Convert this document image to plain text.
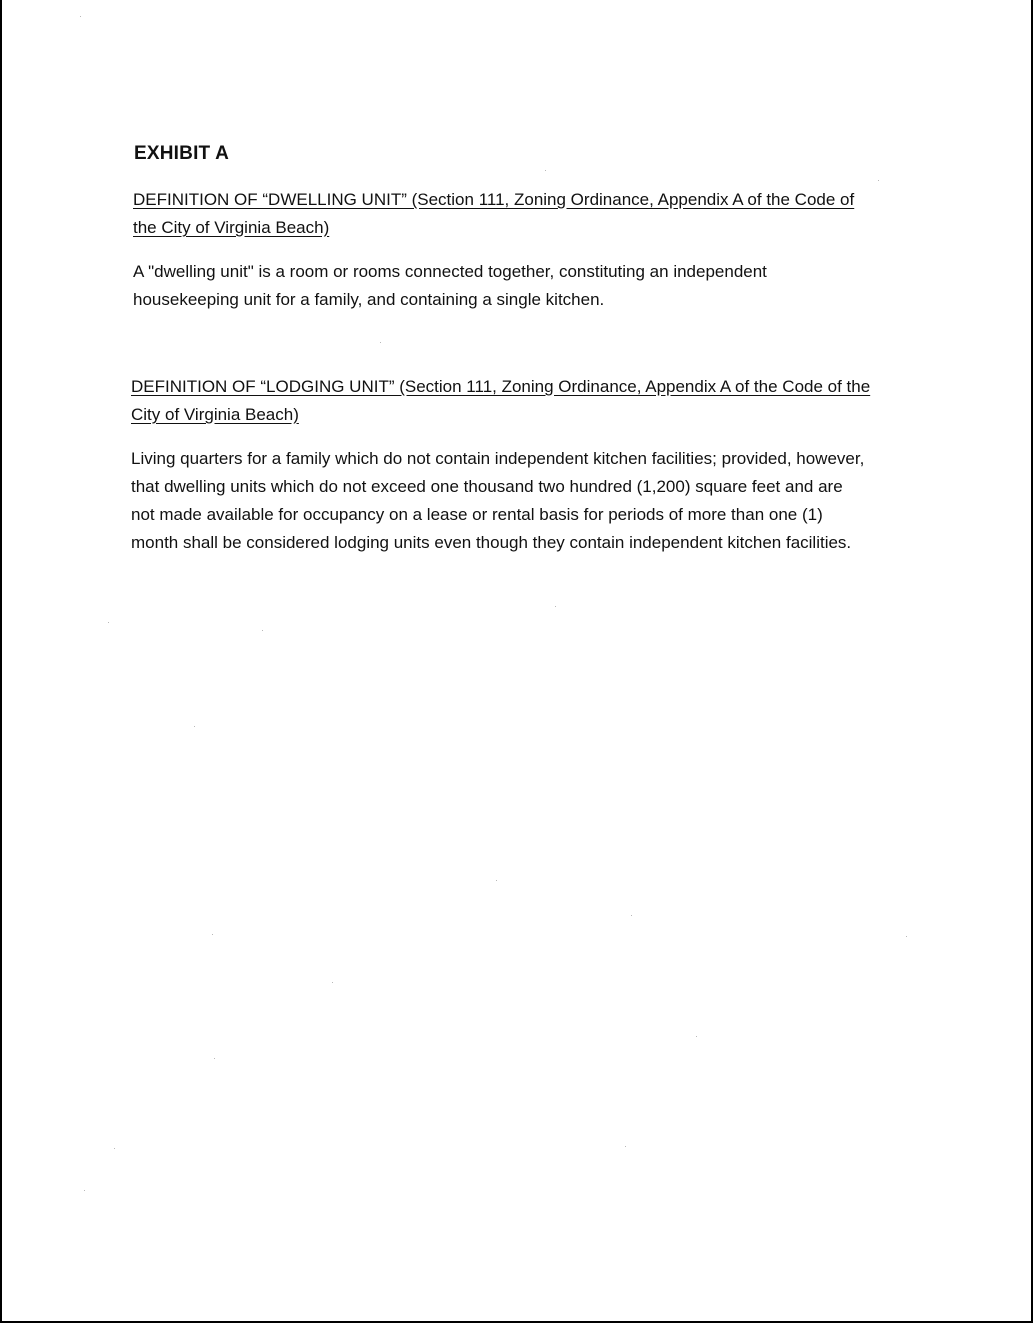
EXHIBIT A
DEFINITION OF “DWELLING UNIT” (Section 111, Zoning Ordinance, Appendix A of the Code of the City of Virginia Beach)

A "dwelling unit" is a room or rooms connected together, constituting an independent housekeeping unit for a family, and containing a single kitchen.

DEFINITION OF “LODGING UNIT” (Section 111, Zoning Ordinance, Appendix A of the Code of the City of Virginia Beach)

Living quarters for a family which do not contain independent kitchen facilities; provided, however, that dwelling units which do not exceed one thousand two hundred (1,200) square feet and are not made available for occupancy on a lease or rental basis for periods of more than one (1) month shall be considered lodging units even though they contain independent kitchen facilities.
